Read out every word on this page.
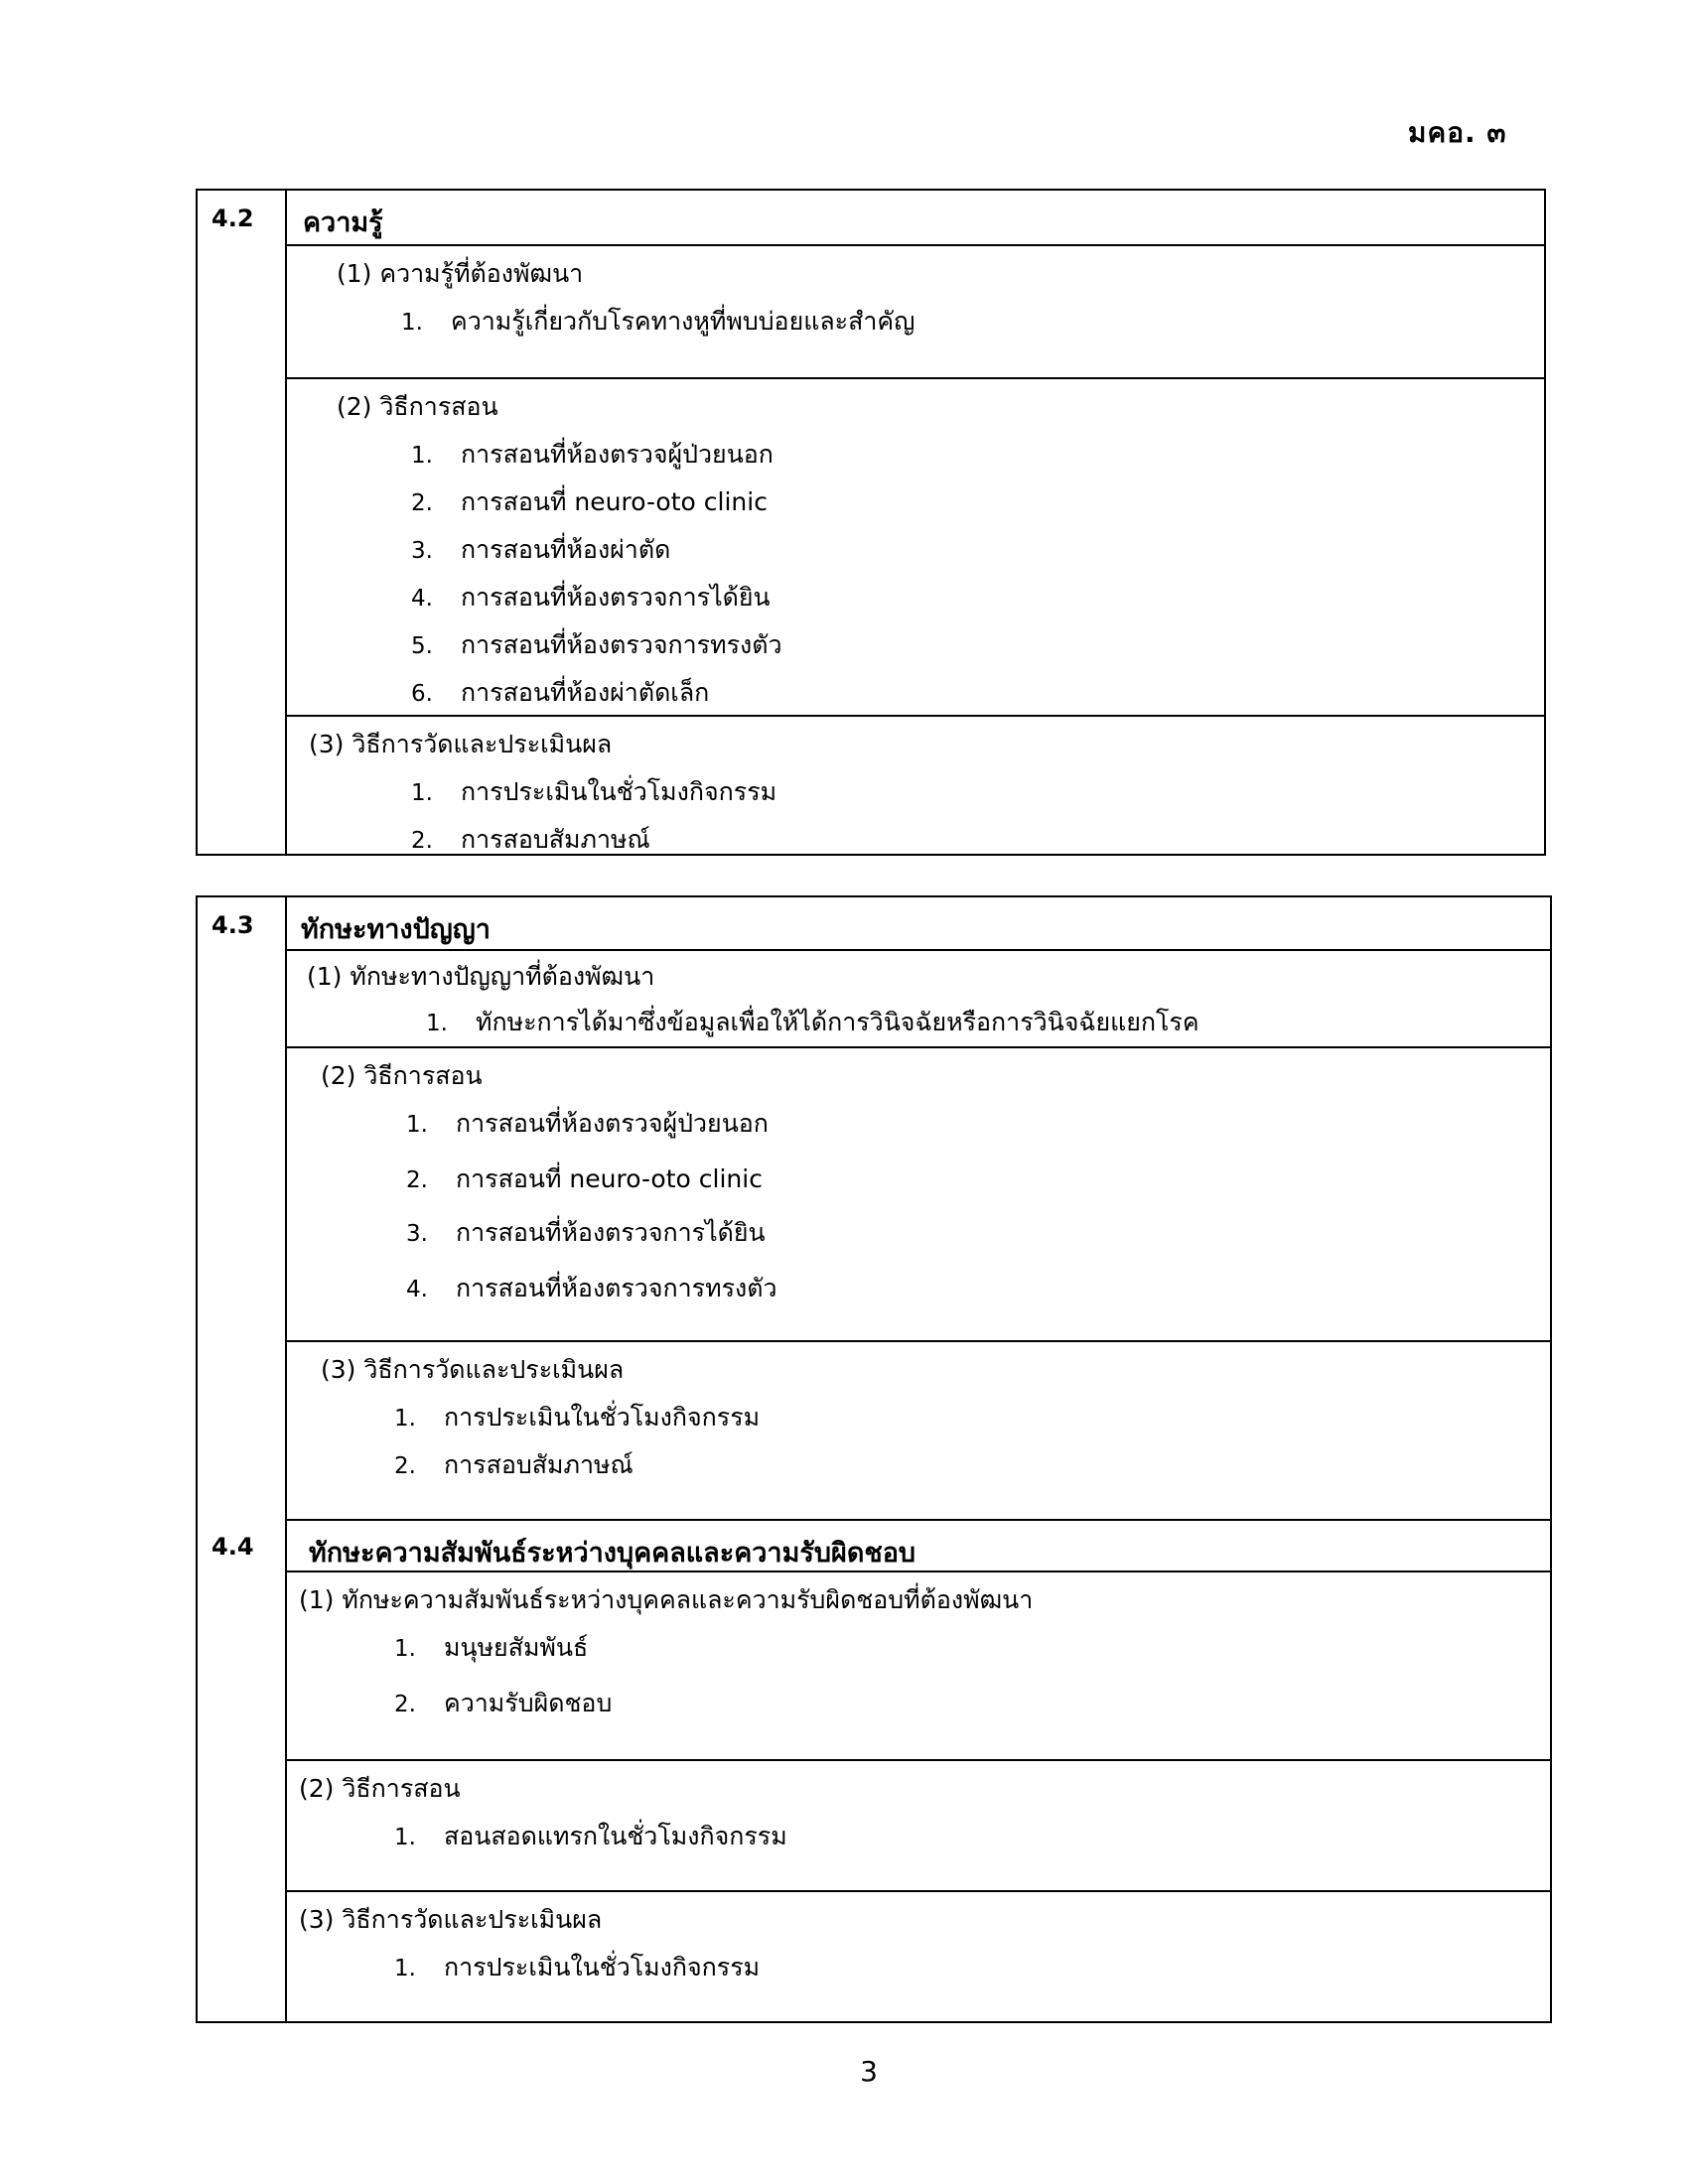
มคอ. ๓
4.2 ความรู้
(1) ความรู้ที่ต้องพัฒนา
1. ความรู้เกี่ยวกับโรคทางหูที่พบบ่อยและสำคัญ
(2) วิธีการสอน
1. การสอนที่ห้องตรวจผู้ป่วยนอก
2. การสอนที่ neuro-oto clinic
3. การสอนที่ห้องผ่าตัด
4. การสอนที่ห้องตรวจการได้ยิน
5. การสอนที่ห้องตรวจการทรงตัว
6. การสอนที่ห้องผ่าตัดเล็ก
(3) วิธีการวัดและประเมินผล
1. การประเมินในชั่วโมงกิจกรรม
2. การสอบสัมภาษณ์
4.3
4.4
ทักษะทางปัญญา
(1) ทักษะทางปัญญาที่ต้องพัฒนา
1. ทักษะการได้มาซึ่งข้อมูลเพื่อให้ได้การวินิจฉัยหรือการวินิจฉัยแยกโรค
(2) วิธีการสอน
1. การสอนที่ห้องตรวจผู้ป่วยนอก
2. การสอนที่ neuro-oto clinic
3. การสอนที่ห้องตรวจการได้ยิน
4. การสอนที่ห้องตรวจการทรงตัว
(3) วิธีการวัดและประเมินผล
1. การประเมินในชั่วโมงกิจกรรม
2. การสอบสัมภาษณ์
ทักษะความสัมพันธ์ระหว่างบุคคลและความรับผิดชอบ
(1) ทักษะความสัมพันธ์ระหว่างบุคคลและความรับผิดชอบที่ต้องพัฒนา
1. มนุษยสัมพันธ์
2. ความรับผิดชอบ
(2) วิธีการสอน
1. สอนสอดแทรกในชั่วโมงกิจกรรม
(3) วิธีการวัดและประเมินผล
1. การประเมินในชั่วโมงกิจกรรม
3
